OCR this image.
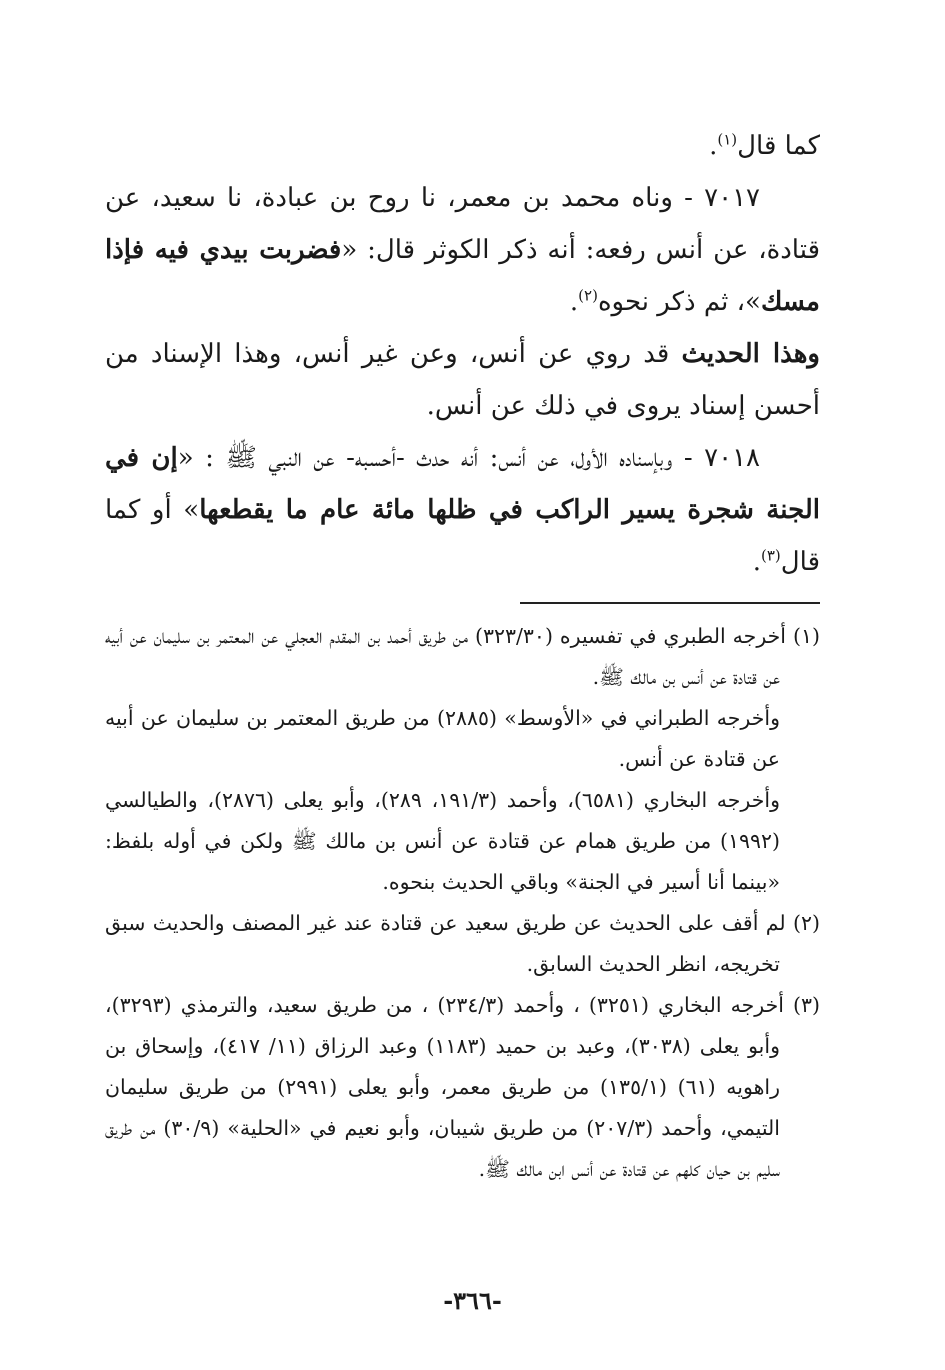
كما قال$^{(١)}$.

٧٠١٧ - وناه محمد بن معمر، نا روح بن عبادة، نا سعيد، عن قتادة، عن أنس رفعه: أنه ذكر الكوثر قال: «فضربت بيدي فيه فإذا مسك»، ثم ذكر نحوه$^{(٢)}$.

وهذا الحديث قد روي عن أنس، وعن غير أنس، وهذا الإسناد من أحسن إسناد يروى في ذلك عن أنس.

٧٠١٨ - وبإسناده الأول، عن أنس: أنه حدث -أحسبه- عن النبي ﷺ : «إن في الجنة شجرة يسير الراكب في ظلها مائة عام ما يقطعها» أو كما قال$^{(٣)}$.

(١) أخرجه الطبري في تفسيره (٣٢٣/٣٠) من طريق أحمد بن المقدم العجلي عن المعتمر بن سليمان عن أبيه عن قتادة عن أنس بن مالك ﷺ.

وأخرجه الطبراني في «الأوسط» (٢٨٨٥) من طريق المعتمر بن سليمان عن أبيه عن قتادة عن أنس.

وأخرجه البخاري (٦٥٨١)، وأحمد (١٩١/٣، ٢٨٩)، وأبو يعلى (٢٨٧٦)، والطيالسي (١٩٩٢) من طريق همام عن قتادة عن أنس بن مالك ﷺ ولكن في أوله بلفظ: «بينما أنا أسير في الجنة» وباقي الحديث بنحوه.

(٢) لم أقف على الحديث عن طريق سعيد عن قتادة عند غير المصنف والحديث سبق تخريجه، انظر الحديث السابق.

(٣) أخرجه البخاري (٣٢٥١) ، وأحمد (٢٣٤/٣) ، من طريق سعيد، والترمذي (٣٢٩٣)، وأبو يعلى (٣٠٣٨)، وعبد بن حميد (١١٨٣) وعبد الرزاق (١١/ ٤١٧)، وإسحاق بن راهويه (٦١) (١٣٥/١) من طريق معمر، وأبو يعلى (٢٩٩١) من طريق سليمان التيمي، وأحمد (٢٠٧/٣) من طريق شيبان، وأبو نعيم في «الحلية» (٣٠/٩) من طريق سليم بن حيان كلهم عن قتادة عن أنس ابن مالك ﷺ.

-٣٦٦-
